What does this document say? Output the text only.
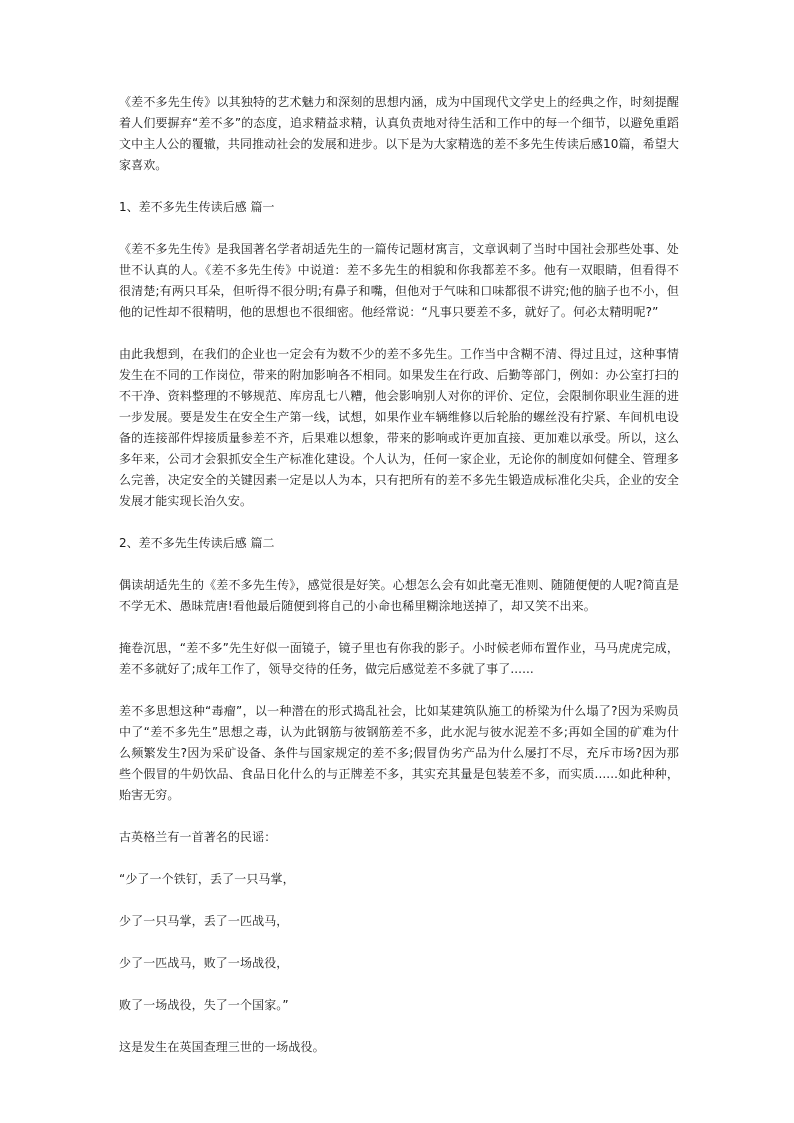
《差不多先生传》以其独特的艺术魅力和深刻的思想内涵，成为中国现代文学史上的经典之作，时刻提醒着人们要摒弃“差不多”的态度，追求精益求精，认真负责地对待生活和工作中的每一个细节，以避免重蹈文中主人公的覆辙，共同推动社会的发展和进步。以下是为大家精选的差不多先生传读后感10篇，希望大家喜欢。

1、差不多先生传读后感 篇一

《差不多先生传》是我国著名学者胡适先生的一篇传记题材寓言，文章讽刺了当时中国社会那些处事、处世不认真的人。《差不多先生传》中说道：差不多先生的相貌和你我都差不多。他有一双眼睛，但看得不很清楚;有两只耳朵，但听得不很分明;有鼻子和嘴，但他对于气味和口味都很不讲究;他的脑子也不小，但他的记性却不很精明，他的思想也不很细密。他经常说：“凡事只要差不多，就好了。何必太精明呢?”

由此我想到，在我们的企业也一定会有为数不少的差不多先生。工作当中含糊不清、得过且过，这种事情发生在不同的工作岗位，带来的附加影响各不相同。如果发生在行政、后勤等部门，例如：办公室打扫的不干净、资料整理的不够规范、库房乱七八糟，他会影响别人对你的评价、定位，会限制你职业生涯的进一步发展。要是发生在安全生产第一线，试想，如果作业车辆维修以后轮胎的螺丝没有拧紧、车间机电设备的连接部件焊接质量参差不齐，后果难以想象，带来的影响或许更加直接、更加难以承受。所以，这么多年来，公司才会狠抓安全生产标准化建设。个人认为，任何一家企业，无论你的制度如何健全、管理多么完善，决定安全的关键因素一定是以人为本，只有把所有的差不多先生锻造成标准化尖兵，企业的安全发展才能实现长治久安。

2、差不多先生传读后感 篇二

偶读胡适先生的《差不多先生传》，感觉很是好笑。心想怎么会有如此毫无准则、随随便便的人呢?简直是不学无术、愚昧荒唐!看他最后随便到将自己的小命也稀里糊涂地送掉了，却又笑不出来。

掩卷沉思，“差不多”先生好似一面镜子，镜子里也有你我的影子。小时候老师布置作业，马马虎虎完成，差不多就好了;成年工作了，领导交待的任务，做完后感觉差不多就了事了......

差不多思想这种“毒瘤”，以一种潜在的形式捣乱社会，比如某建筑队施工的桥梁为什么塌了?因为采购员中了“差不多先生”思想之毒，认为此钢筋与彼钢筋差不多，此水泥与彼水泥差不多;再如全国的矿难为什么频繁发生?因为采矿设备、条件与国家规定的差不多;假冒伪劣产品为什么屡打不尽，充斥市场?因为那些个假冒的牛奶饮品、食品日化什么的与正牌差不多，其实充其量是包装差不多，而实质......如此种种，贻害无穷。

古英格兰有一首著名的民谣：

“少了一个铁钉，丢了一只马掌，

少了一只马掌，丢了一匹战马，

少了一匹战马，败了一场战役，

败了一场战役，失了一个国家。”

这是发生在英国查理三世的一场战役。
